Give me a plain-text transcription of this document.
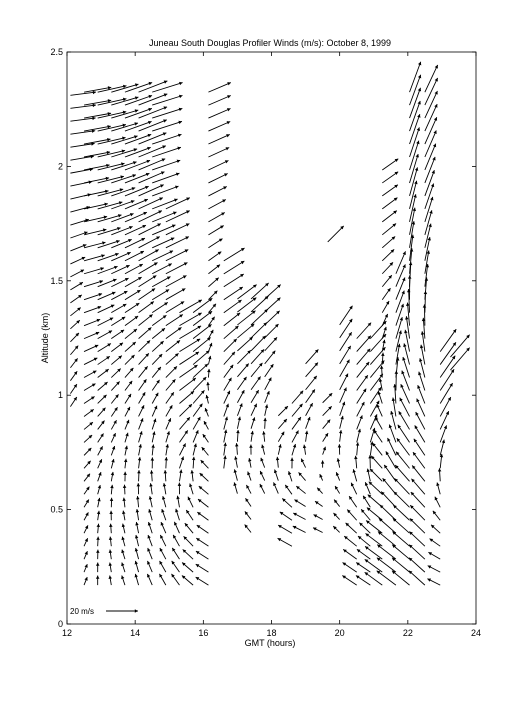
Juneau South Douglas Profiler Winds (m/s): October 8, 1999
GMT (hours)
Altitude (km)
12	14	16	18	20	22	24
0
0.5
1
1.5
2
2.5
20 m/s
